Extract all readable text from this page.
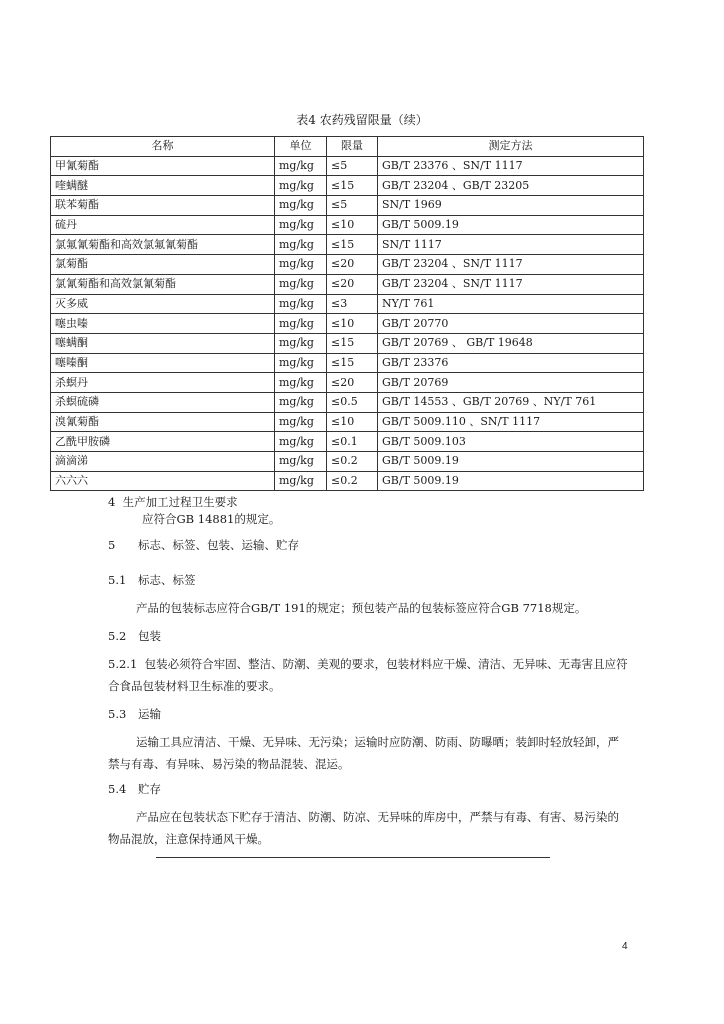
表4 农药残留限量（续）
名称	单位	限量	测定方法
甲氰菊酯	mg/kg	≤5	GB/T 23376 、SN/T 1117
喹螨醚	mg/kg	≤15	GB/T 23204 、GB/T 23205
联苯菊酯	mg/kg	≤5	SN/T 1969
硫丹	mg/kg	≤10	GB/T 5009.19
氯氟氰菊酯和高效氯氟氰菊酯	mg/kg	≤15	SN/T 1117
氯菊酯	mg/kg	≤20	GB/T 23204 、SN/T 1117
氯氰菊酯和高效氯氰菊酯	mg/kg	≤20	GB/T 23204 、SN/T 1117
灭多威	mg/kg	≤3	NY/T 761
噻虫嗪	mg/kg	≤10	GB/T 20770
噻螨酮	mg/kg	≤15	GB/T 20769 、 GB/T 19648
噻嗪酮	mg/kg	≤15	GB/T 23376
杀螟丹	mg/kg	≤20	GB/T 20769
杀螟硫磷	mg/kg	≤0.5	GB/T 14553 、GB/T 20769 、NY/T 761
溴氰菊酯	mg/kg	≤10	GB/T 5009.110 、SN/T 1117
乙酰甲胺磷	mg/kg	≤0.1	GB/T 5009.103
滴滴涕	mg/kg	≤0.2	GB/T 5009.19
六六六	mg/kg	≤0.2	GB/T 5009.19
4 生产加工过程卫生要求
应符合GB 14881的规定。
5 标志、标签、包装、运输、贮存
5.1 标志、标签
产品的包装标志应符合GB/T 191的规定；预包装产品的包装标签应符合GB 7718规定。
5.2 包装
5.2.1 包装必须符合牢固、整洁、防潮、美观的要求，包装材料应干燥、清洁、无异味、无毒害且应符合食品包装材料卫生标准的要求。
5.3 运输
运输工具应清洁、干燥、无异味、无污染；运输时应防潮、防雨、防曝晒；装卸时轻放轻卸，严禁与有毒、有异味、易污染的物品混装、混运。
5.4 贮存
产品应在包装状态下贮存于清洁、防潮、防凉、无异味的库房中，严禁与有毒、有害、易污染的物品混放，注意保持通风干燥。
4
